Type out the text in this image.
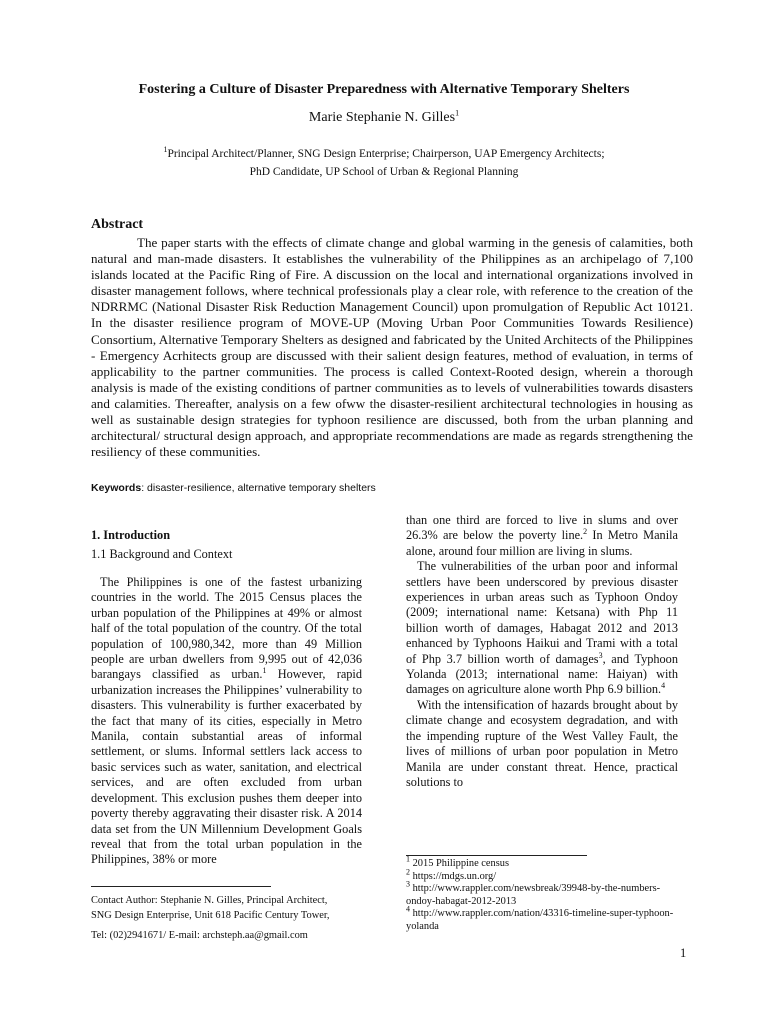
Fostering a Culture of Disaster Preparedness with Alternative Temporary Shelters
Marie Stephanie N. Gilles$^1$
$^1$Principal Architect/Planner, SNG Design Enterprise; Chairperson, UAP Emergency Architects;
PhD Candidate, UP School of Urban & Regional Planning
Abstract

The paper starts with the effects of climate change and global warming in the genesis of calamities, both natural and man-made disasters. It establishes the vulnerability of the Philippines as an archipelago of 7,100 islands located at the Pacific Ring of Fire. A discussion on the local and international organizations involved in disaster management follows, where technical professionals play a clear role, with reference to the creation of the NDRRMC (National Disaster Risk Reduction Management Council) upon promulgation of Republic Act 10121. In the disaster resilience program of MOVE-UP (Moving Urban Poor Communities Towards Resilience) Consortium, Alternative Temporary Shelters as designed and fabricated by the United Architects of the Philippines - Emergency Acrhitects group are discussed with their salient design features, method of evaluation, in terms of applicability to the partner communities. The process is called Context-Rooted design, wherein a thorough analysis is made of the existing conditions of partner communities as to levels of vulnerabilities towards disasters and calamities. Thereafter, analysis on a few ofww the disaster-resilient architectural technologies in housing as well as sustainable design strategies for typhoon resilience are discussed, both from the urban planning and architectural/ structural design approach, and appropriate recommendations are made as regards strengthening the resiliency of these communities.

Keywords: disaster-resilience, alternative temporary shelters
1. Introduction
1.1 Background and Context

The Philippines is one of the fastest urbanizing countries in the world. The 2015 Census places the urban population of the Philippines at 49% or almost half of the total population of the country. Of the total population of 100,980,342, more than 49 Million people are urban dwellers from 9,995 out of 42,036 barangays classified as urban.$^1$ However, rapid urbanization increases the Philippines’ vulnerability to disasters. This vulnerability is further exacerbated by the fact that many of its cities, especially in Metro Manila, contain substantial areas of informal settlement, or slums. Informal settlers lack access to basic services such as water, sanitation, and electrical services, and are often excluded from urban development. This exclusion pushes them deeper into poverty thereby aggravating their disaster risk. A 2014 data set from the UN Millennium Development Goals reveal that from the total urban population in the Philippines, 38% or more

than one third are forced to live in slums and over 26.3% are below the poverty line.$^2$ In Metro Manila alone, around four million are living in slums.

The vulnerabilities of the urban poor and informal settlers have been underscored by previous disaster experiences in urban areas such as Typhoon Ondoy (2009; international name: Ketsana) with Php 11 billion worth of damages, Habagat 2012 and 2013 enhanced by Typhoons Haikui and Trami with a total of Php 3.7 billion worth of damages$^3$, and Typhoon Yolanda (2013; international name: Haiyan) with damages on agriculture alone worth Php 6.9 billion.$^4$

With the intensification of hazards brought about by climate change and ecosystem degradation, and with the impending rupture of the West Valley Fault, the lives of millions of urban poor population in Metro Manila are under constant threat. Hence, practical solutions to

Contact Author: Stephanie N. Gilles, Principal Architect,

SNG Design Enterprise, Unit 618 Pacific Century Tower,

Tel: (02)2941671/ E-mail: archsteph.aa@gmail.com

$^1$ 2015 Philippine census

$^2$ https://mdgs.un.org/

$^3$ http://www.rappler.com/newsbreak/39948-by-the-numbers-ondoy-habagat-2012-2013

$^4$ http://www.rappler.com/nation/43316-timeline-super-typhoon-yolanda

1
